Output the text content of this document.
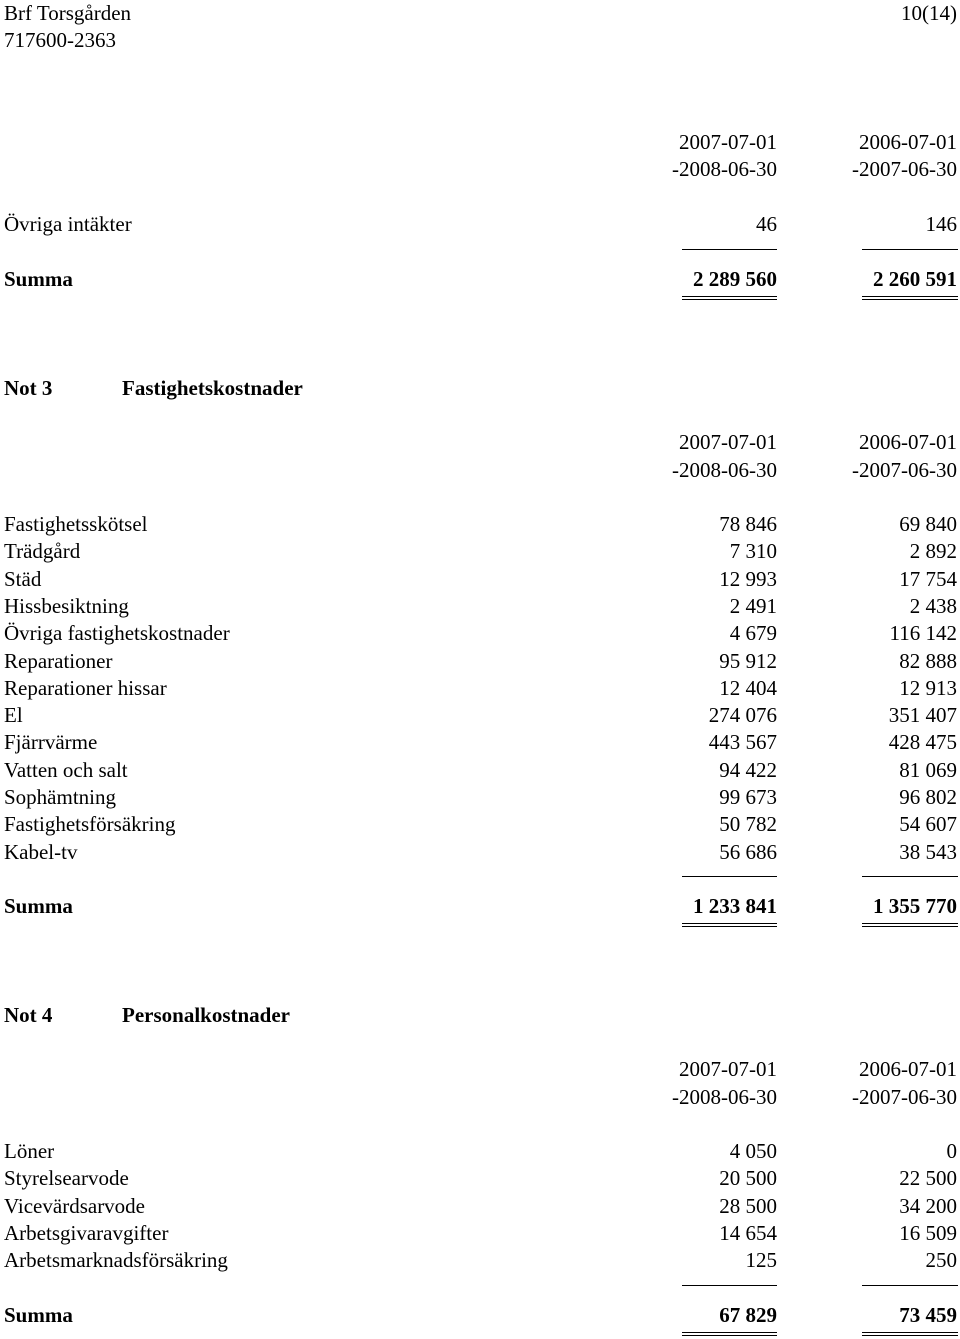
Brf Torsgården	10(14)
717600-2363
2007-07-01	2006-07-01
-2008-06-30	-2007-06-30
Övriga intäkter	46	146
Summa	2 289 560	2 260 591
Not 3	Fastighetskostnader
2007-07-01	2006-07-01
-2008-06-30	-2007-06-30
Fastighetsskötsel	78 846	69 840
Trädgård	7 310	2 892
Städ	12 993	17 754
Hissbesiktning	2 491	2 438
Övriga fastighetskostnader	4 679	116 142
Reparationer	95 912	82 888
Reparationer hissar	12 404	12 913
El	274 076	351 407
Fjärrvärme	443 567	428 475
Vatten och salt	94 422	81 069
Sophämtning	99 673	96 802
Fastighetsförsäkring	50 782	54 607
Kabel-tv	56 686	38 543
Summa	1 233 841	1 355 770
Not 4	Personalkostnader
2007-07-01	2006-07-01
-2008-06-30	-2007-06-30
Löner	4 050	0
Styrelsearvode	20 500	22 500
Vicevärdsarvode	28 500	34 200
Arbetsgivaravgifter	14 654	16 509
Arbetsmarknadsförsäkring	125	250
Summa	67 829	73 459
